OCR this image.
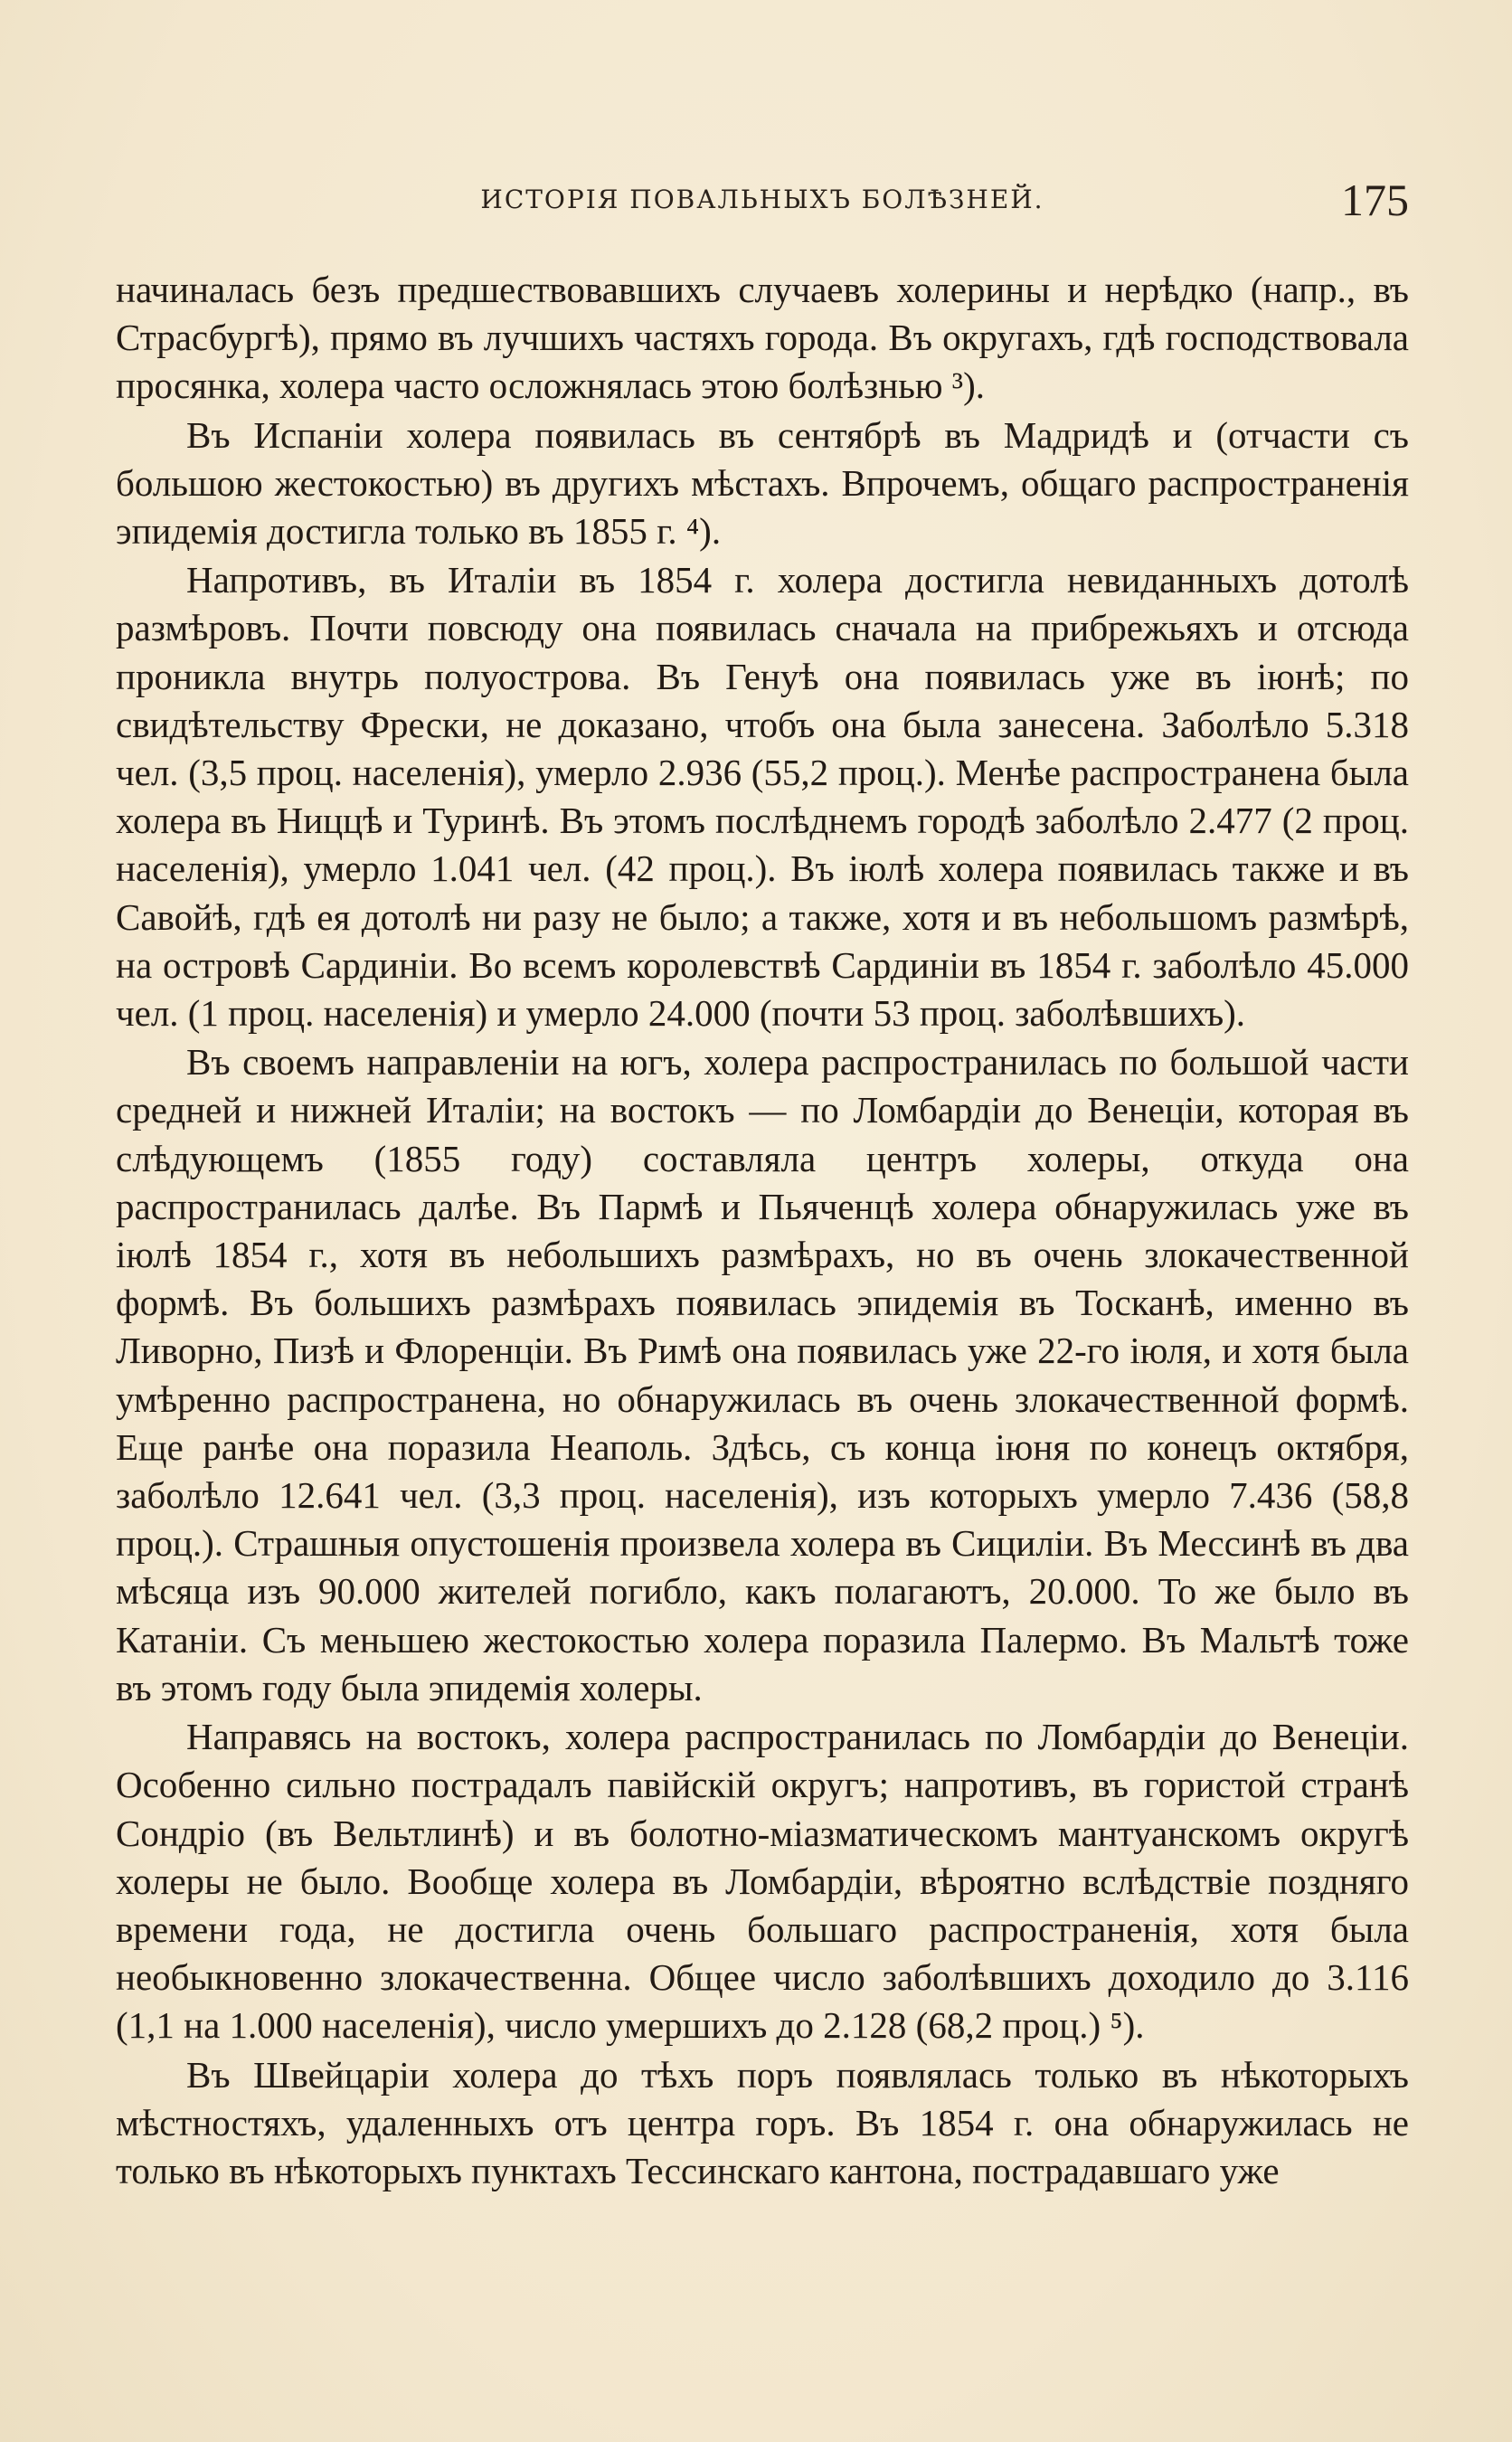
ИСТОРІЯ ПОВАЛЬНЫХЪ БОЛѢЗНЕЙ.	175

начиналась безъ предшествовавшихъ случаевъ холерины и нерѣдко (напр., въ Страсбургѣ), прямо въ лучшихъ частяхъ города. Въ округахъ, гдѣ господствовала просянка, холера часто осложнялась этою болѣзнью ³).

Въ Испаніи холера появилась въ сентябрѣ въ Мадридѣ и (отчасти съ большою жестокостью) въ другихъ мѣстахъ. Впрочемъ, общаго распространенія эпидемія достигла только въ 1855 г. ⁴).

Напротивъ, въ Италіи въ 1854 г. холера достигла невиданныхъ дотолѣ размѣровъ. Почти повсюду она появилась сначала на прибрежьяхъ и отсюда проникла внутрь полуострова. Въ Генуѣ она появилась уже въ іюнѣ; по свидѣтельству Фрески, не доказано, чтобъ она была занесена. Заболѣло 5.318 чел. (3,5 проц. населенія), умерло 2.936 (55,2 проц.). Менѣе распространена была холера въ Ниццѣ и Туринѣ. Въ этомъ послѣднемъ городѣ заболѣло 2.477 (2 проц. населенія), умерло 1.041 чел. (42 проц.). Въ іюлѣ холера появилась также и въ Савойѣ, гдѣ ея дотолѣ ни разу не было; а также, хотя и въ небольшомъ размѣрѣ, на островѣ Сардиніи. Во всемъ королевствѣ Сардиніи въ 1854 г. заболѣло 45.000 чел. (1 проц. населенія) и умерло 24.000 (почти 53 проц. заболѣвшихъ).

Въ своемъ направленіи на югъ, холера распространилась по большой части средней и нижней Италіи; на востокъ — по Ломбардіи до Венеціи, которая въ слѣдующемъ (1855 году) составляла центръ холеры, откуда она распространилась далѣе. Въ Пармѣ и Пьяченцѣ холера обнаружилась уже въ іюлѣ 1854 г., хотя въ небольшихъ размѣрахъ, но въ очень злокачественной формѣ. Въ большихъ размѣрахъ появилась эпидемія въ Тосканѣ, именно въ Ливорно, Пизѣ и Флоренціи. Въ Римѣ она появилась уже 22-го іюля, и хотя была умѣренно распространена, но обнаружилась въ очень злокачественной формѣ. Еще ранѣе она поразила Неаполь. Здѣсь, съ конца іюня по конецъ октября, заболѣло 12.641 чел. (3,3 проц. населенія), изъ которыхъ умерло 7.436 (58,8 проц.). Страшныя опустошенія произвела холера въ Сициліи. Въ Мессинѣ въ два мѣсяца изъ 90.000 жителей погибло, какъ полагаютъ, 20.000. То же было въ Катаніи. Съ меньшею жестокостью холера поразила Палермо. Въ Мальтѣ тоже въ этомъ году была эпидемія холеры.

Направясь на востокъ, холера распространилась по Ломбардіи до Венеціи. Особенно сильно пострадалъ павійскій округъ; напротивъ, въ гористой странѣ Сондріо (въ Вельтлинѣ) и въ болотно-міазматическомъ мантуанскомъ округѣ холеры не было. Вообще холера въ Ломбардіи, вѣроятно вслѣдствіе поздняго времени года, не достигла очень большаго распространенія, хотя была необыкновенно злокачественна. Общее число заболѣвшихъ доходило до 3.116 (1,1 на 1.000 населенія), число умершихъ до 2.128 (68,2 проц.) ⁵).

Въ Швейцаріи холера до тѣхъ поръ появлялась только въ нѣкоторыхъ мѣстностяхъ, удаленныхъ отъ центра горъ. Въ 1854 г. она обнаружилась не только въ нѣкоторыхъ пунктахъ Тессинскаго кантона, пострадавшаго уже
